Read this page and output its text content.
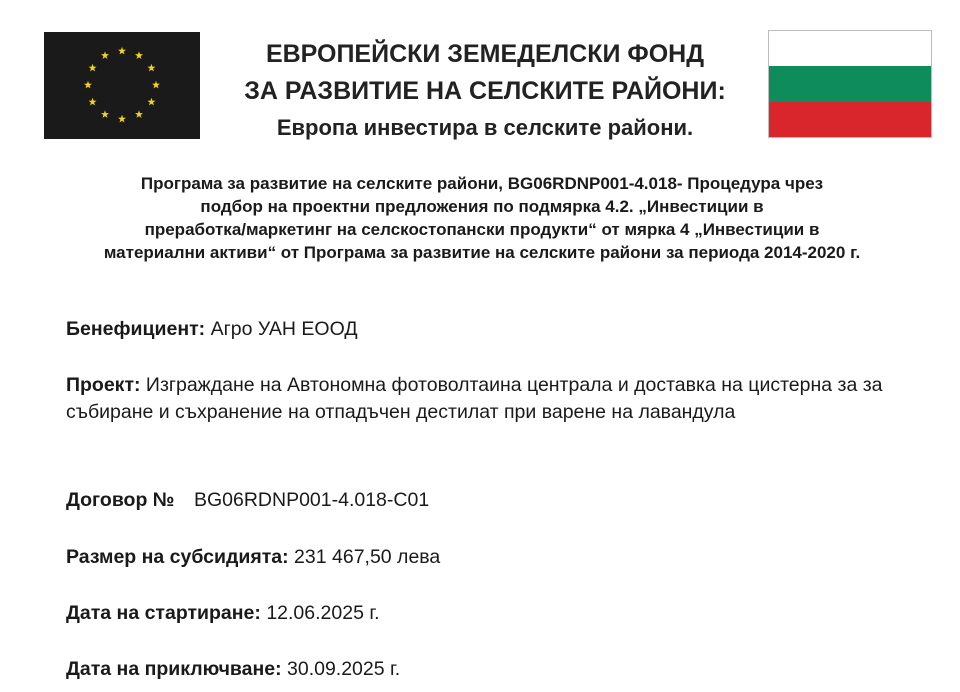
ЕВРОПЕЙСКИ ЗЕМЕДЕЛСКИ ФОНД
ЗА РАЗВИТИЕ НА СЕЛСКИТЕ РАЙОНИ:
Европа инвестира в селските райони.
Програма за развитие на селските райони, BG06RDNP001-4.018- Процедура чрез
подбор на проектни предложения по подмярка 4.2. „Инвестиции в
преработка/маркетинг на селскостопански продукти“ от мярка 4 „Инвестиции в
материални активи“ от Програма за развитие на селските райони за периода 2014-2020 г.
Бенефициент: Агро УАН ЕООД
Проект: Изграждане на Автономна фотоволтаина централа и доставка на цистерна за за събиране и съхранение на отпадъчен дестилат при варене на лавандула
Договор № BG06RDNP001-4.018-C01
Размер на субсидията: 231 467,50 лева
Дата на стартиране: 12.06.2025 г.
Дата на приключване: 30.09.2025 г.
